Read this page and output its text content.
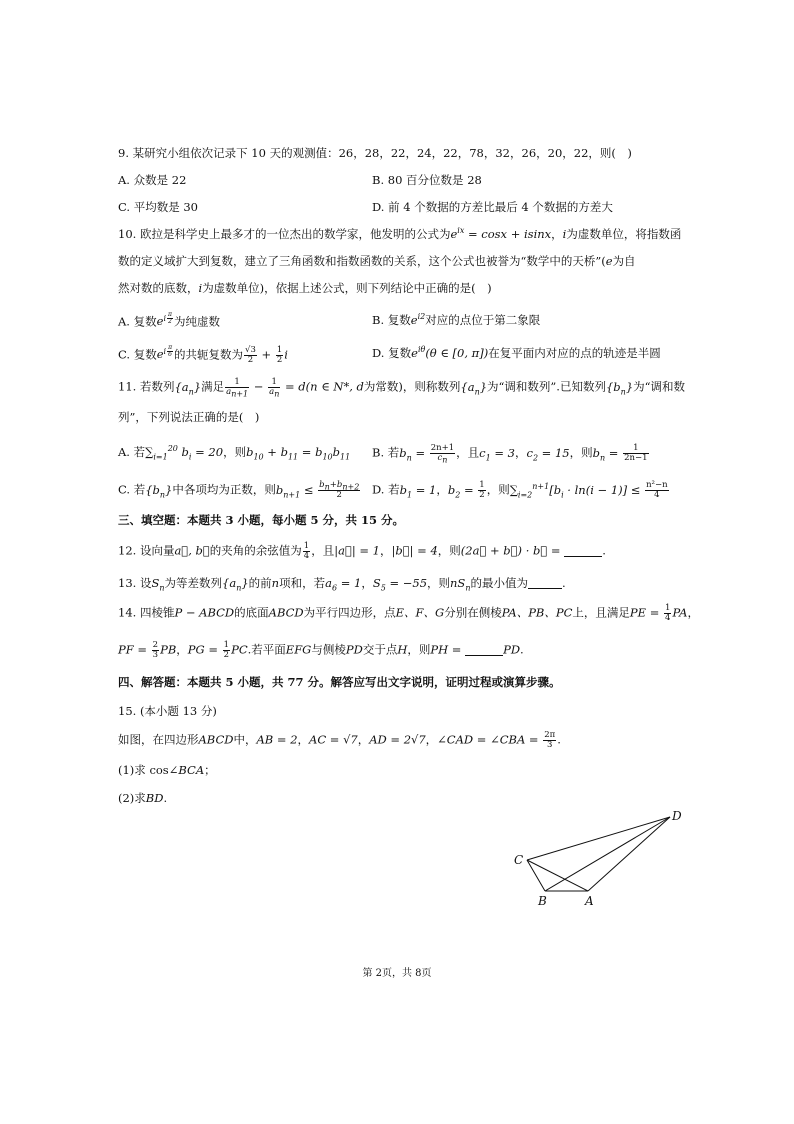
9. 某研究小组依次记录下 10 天的观测值：26，28，22，24，22，78，32，26，20，22，则(　)
A. 众数是 22	B. 80 百分位数是 28
C. 平均数是 30	D. 前 4 个数据的方差比最后 4 个数据的方差大
10. 欧拉是科学史上最多才的一位杰出的数学家，他发明的公式为$e^{ix} = \cos x + isinx$，i为虚数单位，将指数函
数的定义域扩大到复数，建立了三角函数和指数函数的关系，这个公式也被誉为“数学中的天桥”(e为自
然对数的底数，i为虚数单位)，依据上述公式，则下列结论中正确的是(　)
A. 复数$e^{i \frac{\pi}{2}}$ 为纯虚数	B. 复数$e^{i2}$对应的点位于第二象限
C. 复数$e^{i \frac{\pi}{6}}$ 的共轭复数为 $\frac{√3}{2} + \frac{1}{2}$ i	D. 复数$e^{i\theta}(\theta$ ∈ [0, π])在复平面内对应的点的轨迹是半圆
11. 若数列$\{a_n\}$满足 $\frac{1}{a_{n+1}} - \frac{1}{a_n} = d(n$ ∈ N*, d为常数)，则称数列$\{a_n\}$为“调和数列”.已知数列$\{b_n\}$为“调和数
列”，下列说法正确的是(　)
A. 若$\sum_{i=1}^{20}$ $b_i = 20$，则$b_{10} + b_{11} = b_{10}b_{11}$ B. 若$b_n = \frac{2n+1}{c_n}$ ，且$c_1 = 3$，$c_2 = 15$，则$b_n = \frac{1}{2n-1}$
C. 若$\{b_n\}$中各项均为正数，则$b_{n+1} \le \frac{b_n+b_{n+2}}{2} D$. 若$b_1 = 1$，$b_2 = \frac{1}{2}$ ，则$\sum_{i=2}^{n+1}[b_i \cdot \ln(i - 1)] \le \frac{\text{n²−n}}{4}$
三、填空题：本题共 3 小题，每小题 5 分，共 15 分。
12. 设向量a⃗, b⃗的夹角的余弦值为 $\frac{1}{4}$ ，且|a⃗| = 1，|b⃗| = 4，则(2a⃗ + b⃗) · b⃗ =	.
13. 设$S_n$为等差数列$\{a_n\}$的前n项和，若$a_6 = 1$，$S_5 = -55$，则$nS_n$的最小值为	.
14. 四棱锥P − ABCD的底面ABCD为平行四边形，点E、F、G分别在侧棱PA、PB、PC上，且满足PE = $\frac{1}{4}$ PA，
PF = $\frac{2}{3}$ PB，PG = $\frac{1}{2}$ PC.若平面EFG与侧棱PD交于点H，则PH =	PD.
四、解答题：本题共 5 小题，共 77 分。解答应写出文字说明，证明过程或演算步骤。
15. (本小题 13 分)
如图，在四边形ABCD中，AB = 2，AC = √7，AD = 2√7，∠CAD = ∠CBA = $\frac{2\pi}{3}$ .
(1)求 cos∠BCA；
(2)求BD.
C
B	A
D
第 2页，共 8页
